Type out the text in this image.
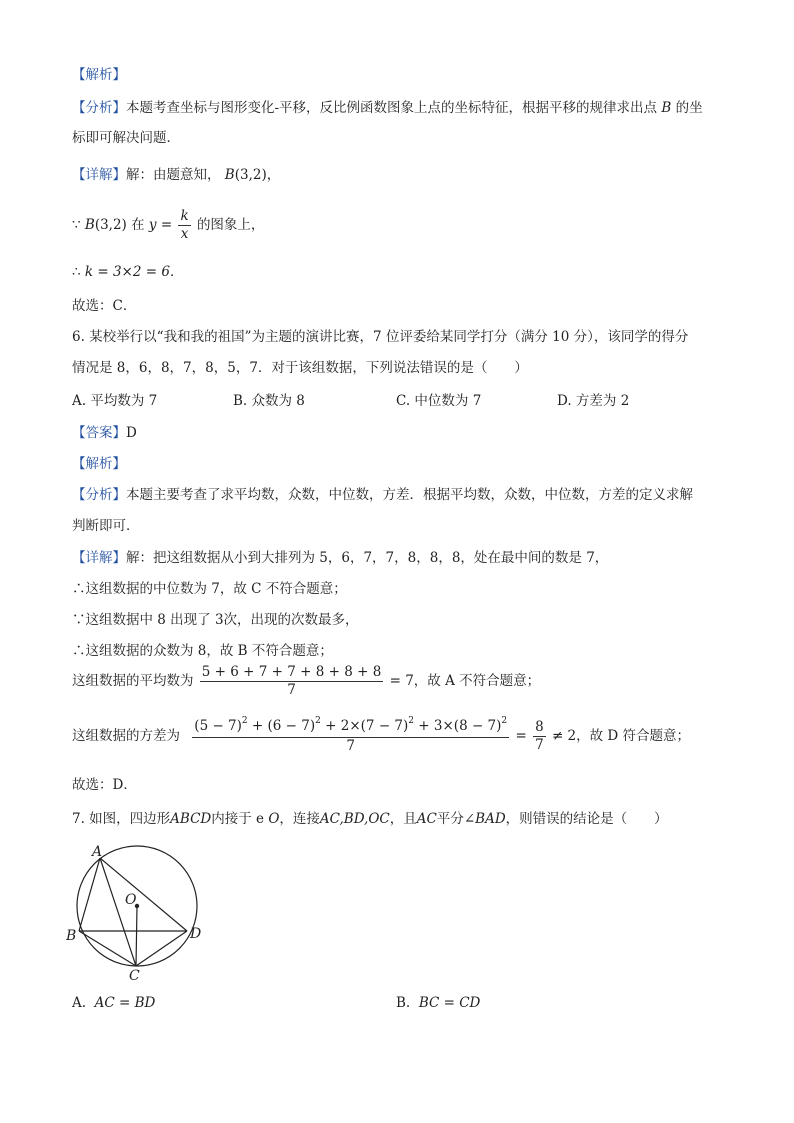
【解析】
【分析】本题考查坐标与图形变化-平移，反比例函数图象上点的坐标特征，根据平移的规律求出点 B 的坐
标即可解决问题．
【详解】解：由题意知， B(3,2)，
∵ B(3,2) 在 $y = \frac{k}{x}$ 的图象上，
∴ k = 3×2 = 6．
故选：C．
6. 某校举行以“我和我的祖国”为主题的演讲比赛，7 位评委给某同学打分（满分 10 分），该同学的得分
情况是 8，6，8，7，8，5，7．对于该组数据，下列说法错误的是（　　）
A. 平均数为 7	B. 众数为 8	C. 中位数为 7	D. 方差为 2
【答案】D
【解析】
【分析】本题主要考查了求平均数，众数，中位数，方差．根据平均数，众数，中位数，方差的定义求解
判断即可．
【详解】解：把这组数据从小到大排列为 5，6，7，7，8，8，8，处在最中间的数是 7，
∴这组数据的中位数为 7，故 C 不符合题意；
∵这组数据中 8 出现了 3次，出现的次数最多，
∴这组数据的众数为 8，故 B 不符合题意；
这组数据的平均数为 $\frac{5 + 6 + 7 + 7 + 8 + 8 + 8}{7} = 7$，故 A 不符合题意；
这组数据的方差为 $\frac{(5 - 7)^2 + (6 - 7)^2 + 2\times(7 - 7)^2 + 3\times(8 - 7)^2}{7} = \frac{8}{7} \ne 2$，故 D 符合题意；
故选：D．
7. 如图，四边形ABCD内接于 e O，连接AC,BD,OC，且AC平分∠BAD，则错误的结论是（　　）
A
B
C
D
O
A. AC = BD	B. BC = CD
